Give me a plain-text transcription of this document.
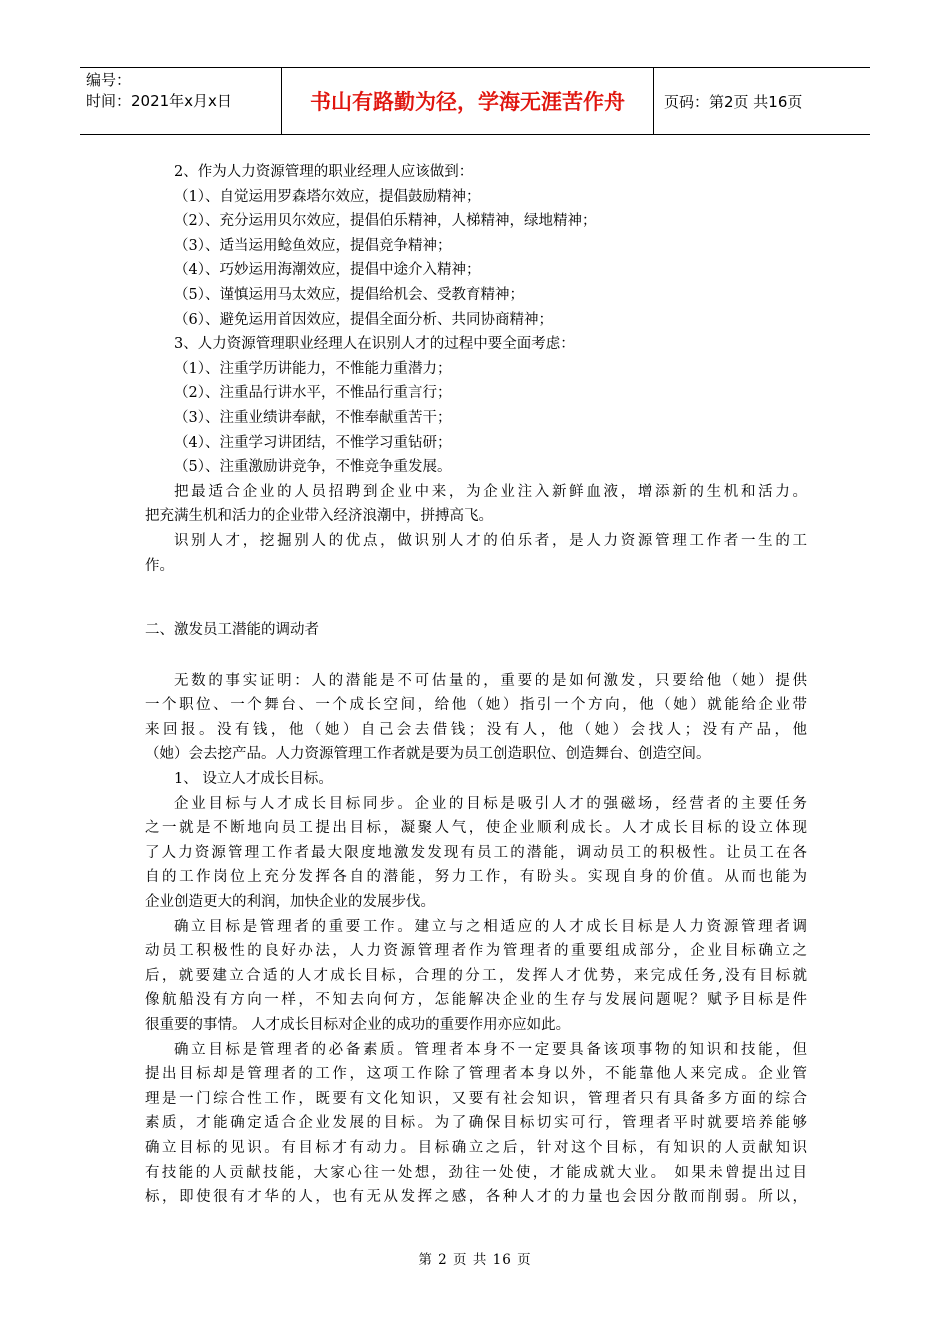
编号：
时间：2021年x月x日	书山有路勤为径，学海无涯苦作舟	页码：第2页 共16页
2、作为人力资源管理的职业经理人应该做到：
（1）、自觉运用罗森塔尔效应，提倡鼓励精神；
（2）、充分运用贝尔效应，提倡伯乐精神，人梯精神，绿地精神；
（3）、适当运用鲶鱼效应，提倡竞争精神；
（4）、巧妙运用海潮效应，提倡中途介入精神；
（5）、谨慎运用马太效应，提倡给机会、受教育精神；
（6）、避免运用首因效应，提倡全面分析、共同协商精神；
3、人力资源管理职业经理人在识别人才的过程中要全面考虑：
（1）、注重学历讲能力，不惟能力重潜力；
（2）、注重品行讲水平，不惟品行重言行；
（3）、注重业绩讲奉献，不惟奉献重苦干；
（4）、注重学习讲团结，不惟学习重钻研；
（5）、注重激励讲竞争，不惟竞争重发展。
把最适合企业的人员招聘到企业中来，为企业注入新鲜血液，增添新的生机和活力。
把充满生机和活力的企业带入经济浪潮中，拼搏高飞。
识别人才，挖掘别人的优点，做识别人才的伯乐者，是人力资源管理工作者一生的工
作。
二、激发员工潜能的调动者
无数的事实证明：人的潜能是不可估量的，重要的是如何激发，只要给他（她）提供
一个职位、一个舞台、一个成长空间，给他（她）指引一个方向，他（她）就能给企业带
来回报。没有钱，他（她）自己会去借钱；没有人，他（她）会找人；没有产品，他
（她）会去挖产品。人力资源管理工作者就是要为员工创造职位、创造舞台、创造空间。
1、 设立人才成长目标。
企业目标与人才成长目标同步。企业的目标是吸引人才的强磁场，经营者的主要任务
之一就是不断地向员工提出目标，凝聚人气，使企业顺利成长。人才成长目标的设立体现
了人力资源管理工作者最大限度地激发发现有员工的潜能，调动员工的积极性。让员工在各
自的工作岗位上充分发挥各自的潜能，努力工作，有盼头。实现自身的价值。从而也能为
企业创造更大的利润，加快企业的发展步伐。
确立目标是管理者的重要工作。建立与之相适应的人才成长目标是人力资源管理者调
动员工积极性的良好办法，人力资源管理者作为管理者的重要组成部分，企业目标确立之
后，就要建立合适的人才成长目标，合理的分工，发挥人才优势，来完成任务,没有目标就
像航船没有方向一样，不知去向何方，怎能解决企业的生存与发展问题呢？赋予目标是件
很重要的事情。 人才成长目标对企业的成功的重要作用亦应如此。
确立目标是管理者的必备素质。管理者本身不一定要具备该项事物的知识和技能，但
提出目标却是管理者的工作，这项工作除了管理者本身以外，不能靠他人来完成。企业管
理是一门综合性工作，既要有文化知识，又要有社会知识，管理者只有具备多方面的综合
素质，才能确定适合企业发展的目标。为了确保目标切实可行，管理者平时就要培养能够
确立目标的见识。有目标才有动力。目标确立之后，针对这个目标，有知识的人贡献知识
有技能的人贡献技能，大家心往一处想，劲往一处使，才能成就大业。 如果未曾提出过目
标，即使很有才华的人，也有无从发挥之感，各种人才的力量也会因分散而削弱。所以，
第 2 页 共 16 页
